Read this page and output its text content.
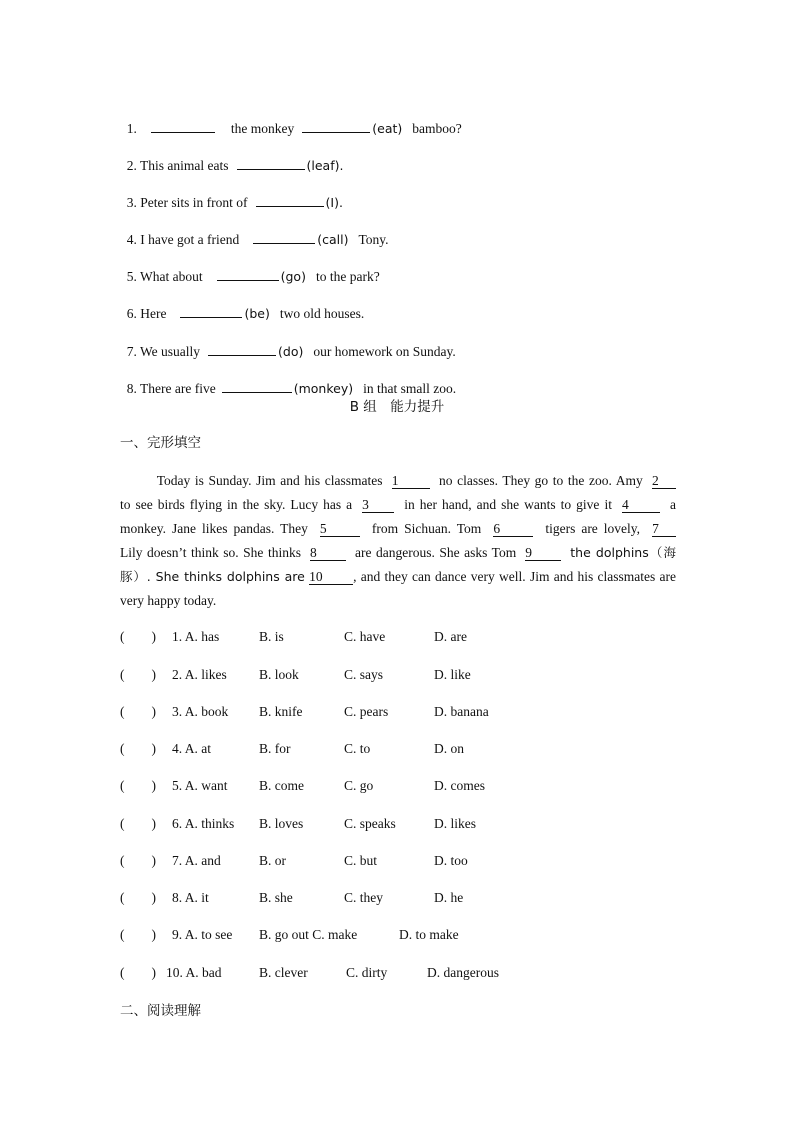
1.	the monkey	(eat) bamboo?

2. This animal eats	(leaf).

3. Peter sits in front of	(I).

4. I have got a friend	(call) Tony.

5. What about	(go) to the park?

6. Here	(be) two old houses.

7. We usually	(do) our homework on Sunday.

8. There are five	(monkey) in that small zoo.

B 组　能力提升
一、完形填空
Today is Sunday. Jim and his classmates 1	no classes. They go to the zoo. Amy 2
to see birds flying in the sky. Lucy has a 3	in her hand, and she wants to give it 4	a
monkey. Jane likes pandas. They 5	from Sichuan. Tom 6	tigers are lovely, 7
Lily doesn’t think so. She thinks 8	are dangerous. She asks Tom 9	the dolphins（海
豚）. She thinks dolphins are 10 , and they can dance very well. Jim and his classmates are
very happy today.
(　　) 1. A. has	B. is	C. have	D. are
(　　) 2. A. likes B. look	C. says	D. like
(　　) 3. A. book B. knife	C. pears	D. banana
(　　) 4. A. at	B. for	C. to	D. on
(　　) 5. A. want B. come	C. go	D. comes
(　　) 6. A. thinks B. loves	C. speaks	D. likes
(　　) 7. A. and	B. or	C. but	D. too
(　　) 8. A. it	B. she	C. they	D. he
(　　) 9. A. to see B. go out C. make	D. to make
(　　) 10. A. bad	B. clever	C. dirty	D. dangerous
二、阅读理解
